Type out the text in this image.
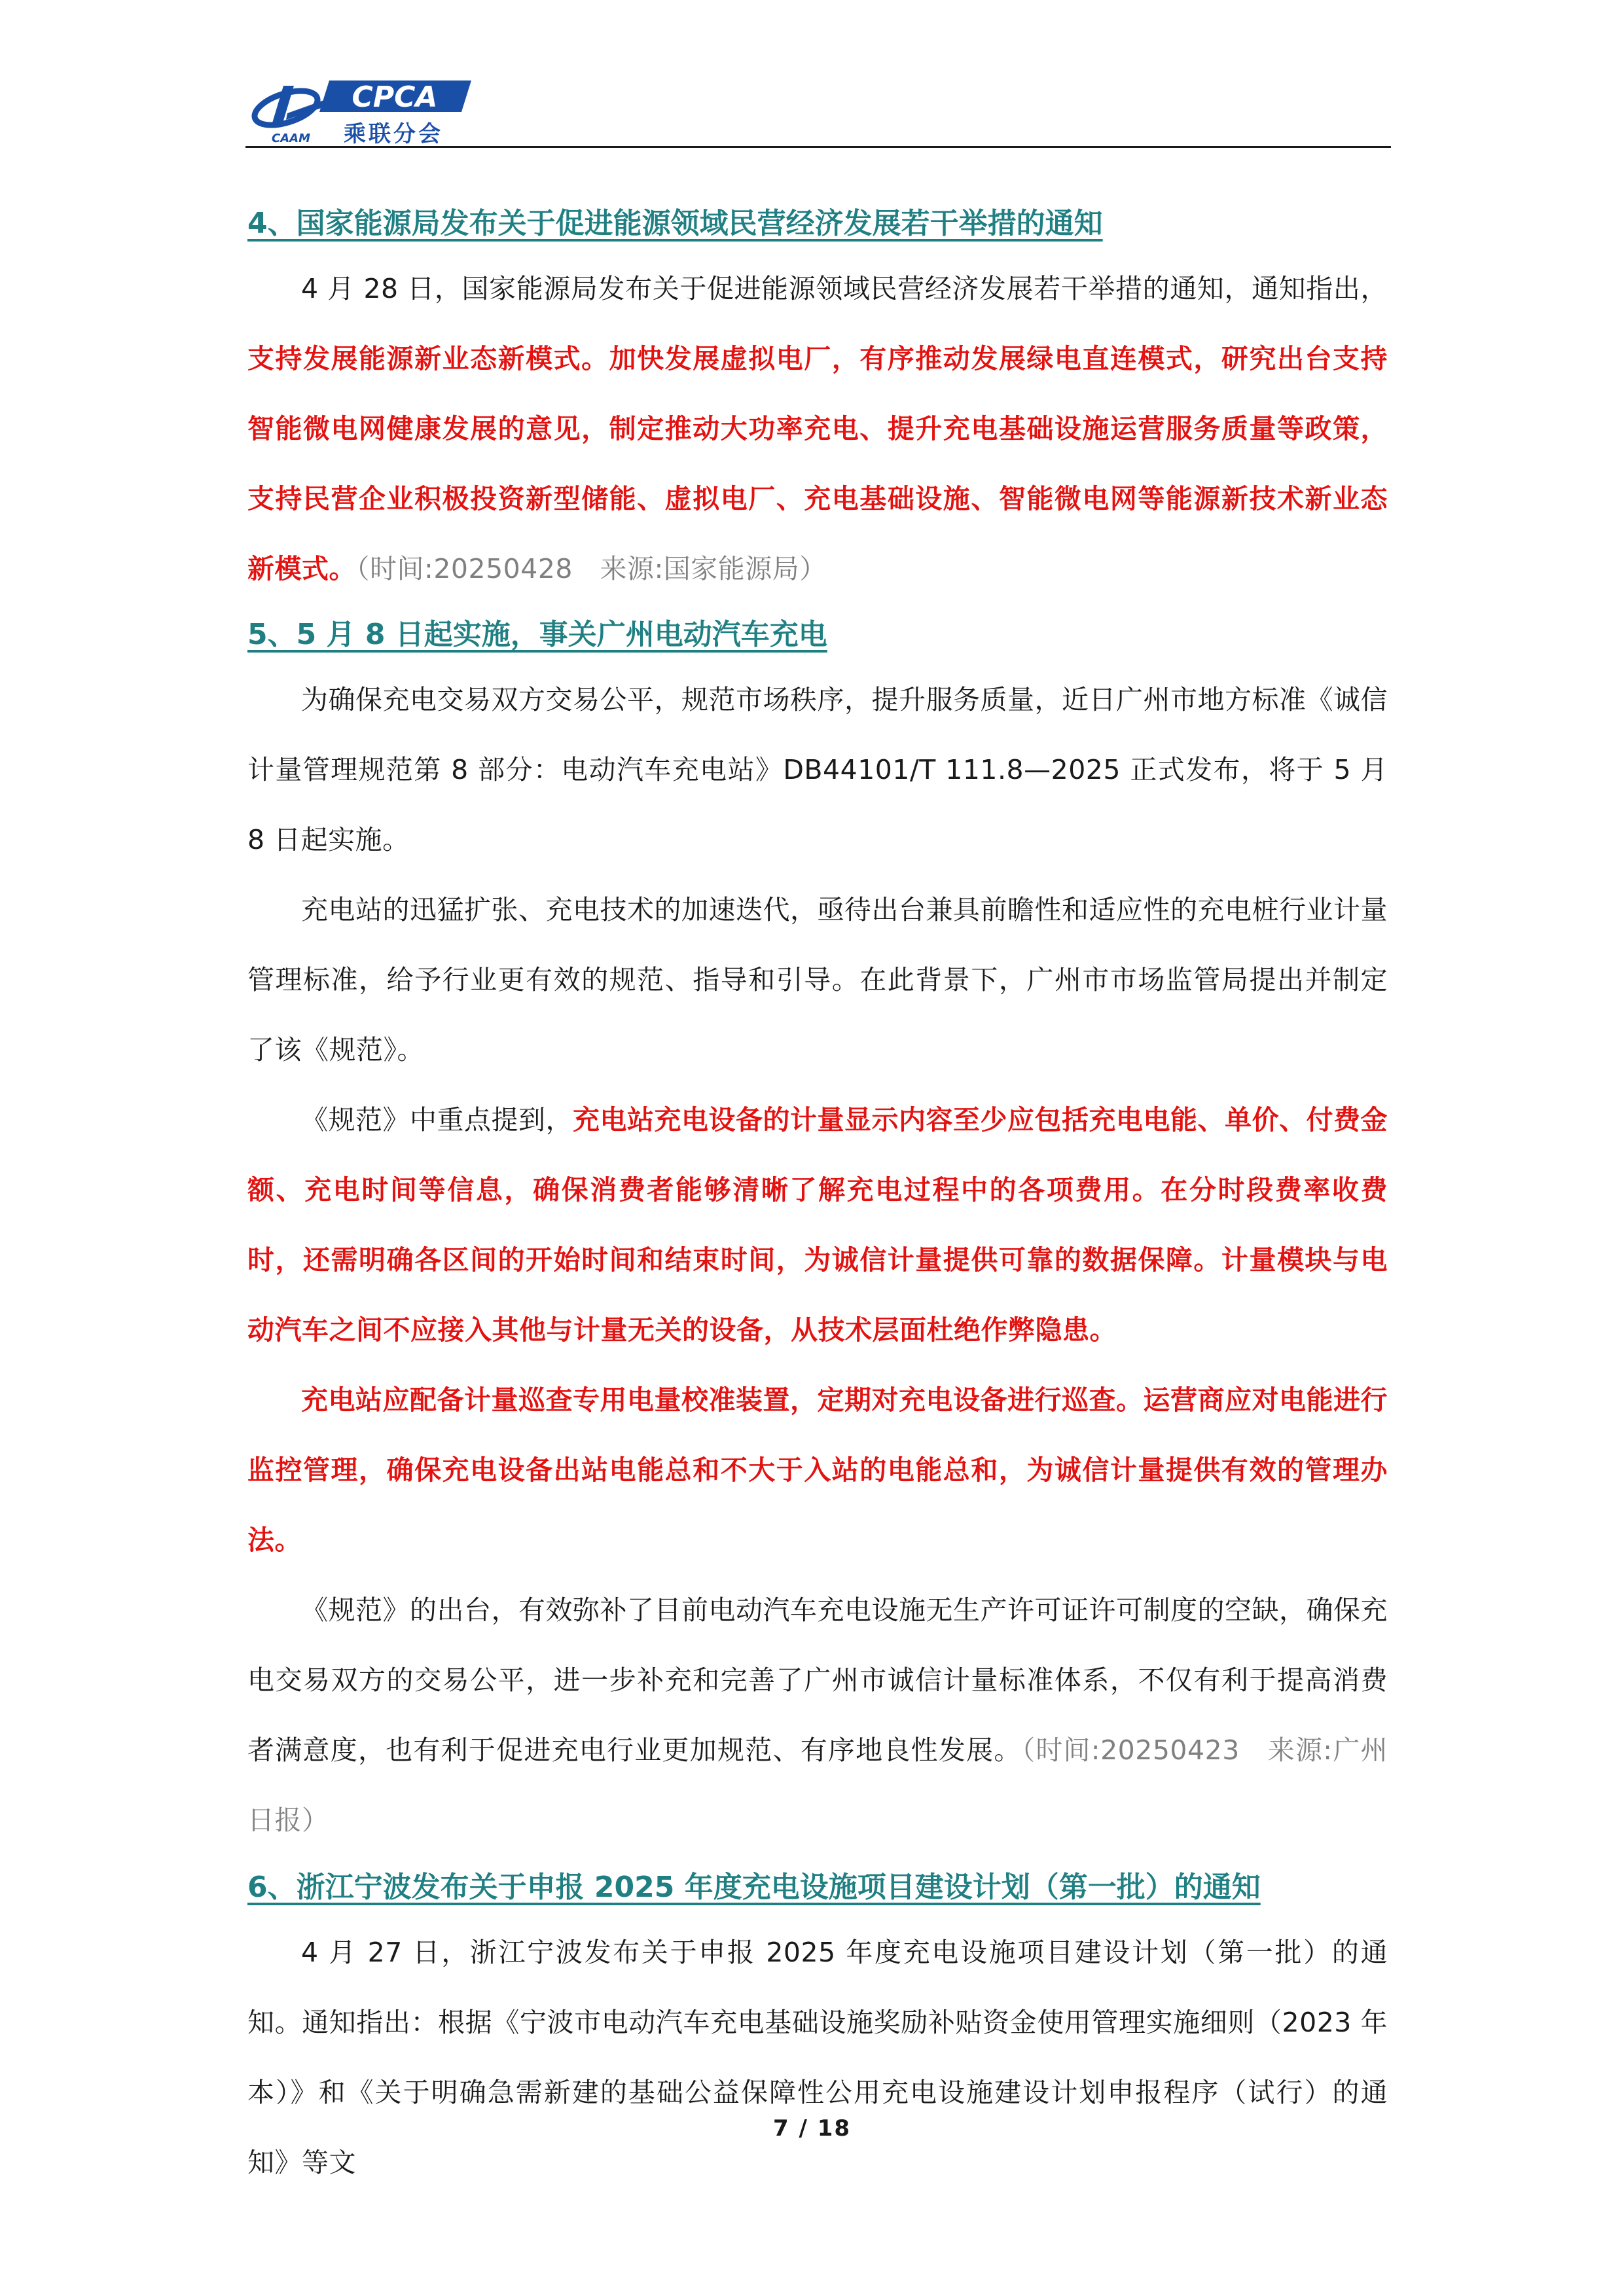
CPCA
CAAM 乘联分会
4、国家能源局发布关于促进能源领域民营经济发展若干举措的通知

4 月 28 日，国家能源局发布关于促进能源领域民营经济发展若干举措的通知，通知指出，支持发展能源新业态新模式。加快发展虚拟电厂，有序推动发展绿电直连模式，研究出台支持智能微电网健康发展的意见，制定推动大功率充电、提升充电基础设施运营服务质量等政策，支持民营企业积极投资新型储能、虚拟电厂、充电基础设施、智能微电网等能源新技术新业态新模式。（时间:20250428　来源:国家能源局）

5、5 月 8 日起实施，事关广州电动汽车充电

为确保充电交易双方交易公平，规范市场秩序，提升服务质量，近日广州市地方标准《诚信计量管理规范第 8 部分：电动汽车充电站》DB44101/T 111.8—2025 正式发布，将于 5 月 8 日起实施。

充电站的迅猛扩张、充电技术的加速迭代，亟待出台兼具前瞻性和适应性的充电桩行业计量管理标准，给予行业更有效的规范、指导和引导。在此背景下，广州市市场监管局提出并制定了该《规范》。

《规范》中重点提到，充电站充电设备的计量显示内容至少应包括充电电能、单价、付费金额、充电时间等信息，确保消费者能够清晰了解充电过程中的各项费用。在分时段费率收费时，还需明确各区间的开始时间和结束时间，为诚信计量提供可靠的数据保障。计量模块与电动汽车之间不应接入其他与计量无关的设备，从技术层面杜绝作弊隐患。

充电站应配备计量巡查专用电量校准装置，定期对充电设备进行巡查。运营商应对电能进行监控管理，确保充电设备出站电能总和不大于入站的电能总和，为诚信计量提供有效的管理办法。

《规范》的出台，有效弥补了目前电动汽车充电设施无生产许可证许可制度的空缺，确保充电交易双方的交易公平，进一步补充和完善了广州市诚信计量标准体系，不仅有利于提高消费者满意度，也有利于促进充电行业更加规范、有序地良性发展。（时间:20250423　来源:广州日报）

6、浙江宁波发布关于申报 2025 年度充电设施项目建设计划（第一批）的通知

4 月 27 日，浙江宁波发布关于申报 2025 年度充电设施项目建设计划（第一批）的通知。通知指出：根据《宁波市电动汽车充电基础设施奖励补贴资金使用管理实施细则（2023 年本）》和《关于明确急需新建的基础公益保障性公用充电设施建设计划申报程序（试行）的通知》等文

7 / 18
